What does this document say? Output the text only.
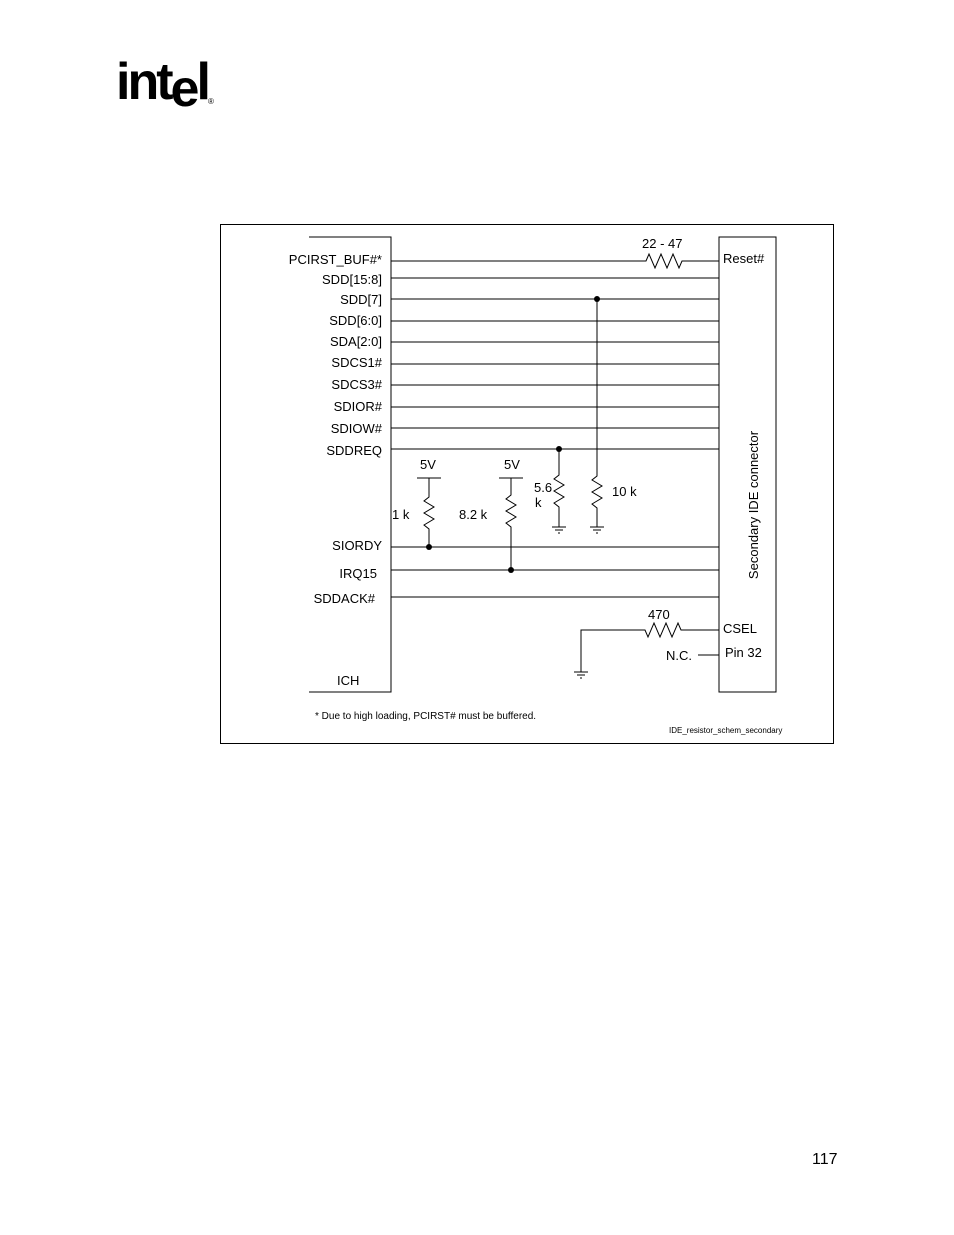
intel ®
PCIRST_BUF#*
SDD[15:8]
SDD[7]
SDD[6:0]
SDA[2:0]
SDCS1#
SDCS3#
SDIOR#
SDIOW#
SDDREQ
SIORDY
IRQ15
SDDACK#
ICH
Reset#
CSEL
Pin 32
Secondary IDE connector
22 - 47
470
1 k	8.2 k
5.6
k
10 k
5V	5V
N.C.
* Due to high loading, PCIRST# must be buffered.
IDE_resistor_schem_secondary
117
